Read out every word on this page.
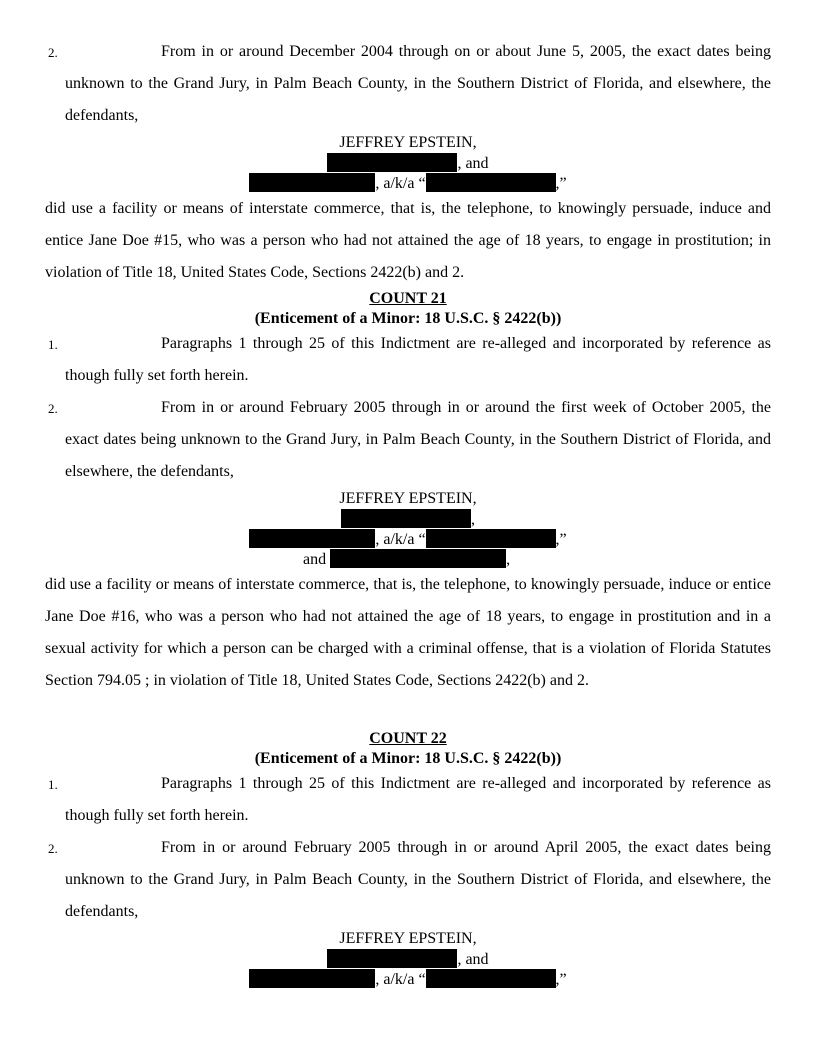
2.	From in or around December 2004 through on or about June 5, 2005, the exact dates being unknown to the Grand Jury, in Palm Beach County, in the Southern District of Florida, and elsewhere, the defendants,
JEFFREY EPSTEIN,
, and
, a/k/a “	,”
did use a facility or means of interstate commerce, that is, the telephone, to knowingly persuade, induce and entice Jane Doe #15, who was a person who had not attained the age of 18 years, to engage in prostitution; in violation of Title 18, United States Code, Sections 2422(b) and 2.
COUNT 21
(Enticement of a Minor: 18 U.S.C. § 2422(b))
1.	Paragraphs 1 through 25 of this Indictment are re-alleged and incorporated by reference as though fully set forth herein.
2.	From in or around February 2005 through in or around the first week of October 2005, the exact dates being unknown to the Grand Jury, in Palm Beach County, in the Southern District of Florida, and elsewhere, the defendants,
JEFFREY EPSTEIN,
,
, a/k/a “	,”
and	,
did use a facility or means of interstate commerce, that is, the telephone, to knowingly persuade, induce or entice Jane Doe #16, who was a person who had not attained the age of 18 years, to engage in prostitution and in a sexual activity for which a person can be charged with a criminal offense, that is a violation of Florida Statutes Section 794.05 ; in violation of Title 18, United States Code, Sections 2422(b) and 2.
COUNT 22
(Enticement of a Minor: 18 U.S.C. § 2422(b))
1.	Paragraphs 1 through 25 of this Indictment are re-alleged and incorporated by reference as though fully set forth herein.
2.	From in or around February 2005 through in or around April 2005, the exact dates being unknown to the Grand Jury, in Palm Beach County, in the Southern District of Florida, and elsewhere, the defendants,
JEFFREY EPSTEIN,
, and
, a/k/a “	,”
